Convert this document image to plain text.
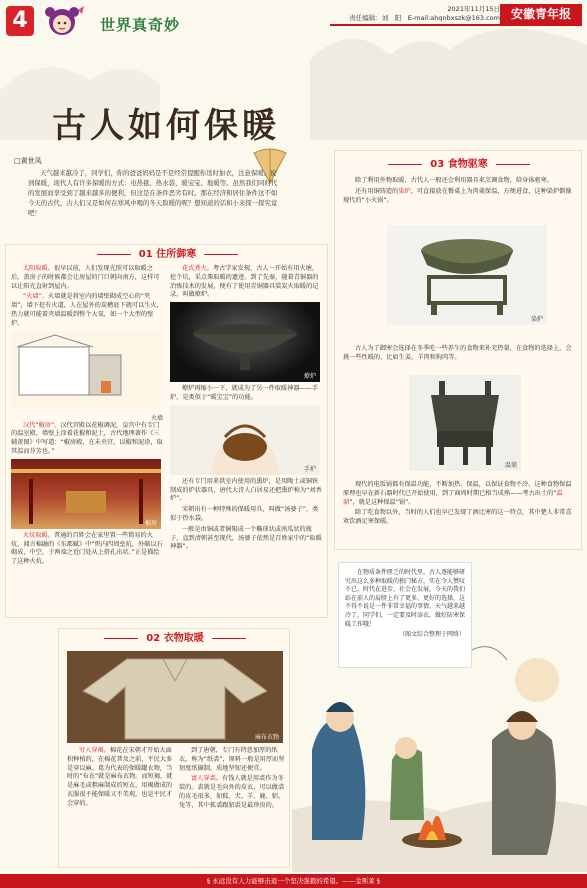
4	世界真奇妙
2021年11月15日
责任编辑：刘　阳　E-mail:ahqnbxszk@163.com 安徽青年报
古人如何保暖
□黄世凤
天气越来越冷了，同学们，你的爸爸妈妈是不是经常提醒你迭时加衣，注意保暖。说到保暖，现代人有许多保暖的方式：电热毯、热水袋、暖宝宝、地暖等。虽然我们同时代的发展而享受到了越来越多的便利，但这是在条件恶劣有时。那在经济和居住条件这不如今天的古代，古人们又是如何在寒风中喝的冬天取暖的呢？想知道的话和小来探一探究竟吧！
01 住所御寒

太阳取暖。很早以前，人们发现光照可以取暖之后，盖房子的时候都会让房屋的门口朝向南方，这样可以让阳光直射到屋内。

“火墙”。火墙就是将室内的墙壁砌成空心的“夹墙”，墙下挖有火道，人在屋外的炭槽底下就可以生火，热力就可能着夹墙温暖到整个大氧，如一个大型的壁炉。

火墙

汉代“椒房”。汉代宫殿以花椒调泥，皇宫中有专门的温室殿。墙壁上涂着花椒和泥土，古代地理著作《三辅黄图》中写道：“椒房殿，在未央宫，以椒和泥涂，取其温而芬芳也。”

椒房

火炕取暖。普通的百姓会在家里置一些简易的火炕，闻言棉融的《东都赋》中“炽内四周垒炕，外砌以石砌成，中空，于两端之近门处从上搭孔出状。”正是描绘了这种火炕。

花式煮火。考古学家发现，古人一开始有用火塘，挖个坑，采点柴取暖的遗迹。到了先秦，随着青铜器的冶炼技术的发展，便有了使用青铜器具装炭火取暖的记录，叫做燎炉。

燎炉

燎炉再缩小一下，就成为了另一件取暖神器——手炉，是类似于“暖宝宝”的功能。

手炉

还有专门用来供室内使用的熏炉，是用陶土或铜铁制成的炉状器具，唐代大诗人白居易还把熏炉称为“刘香炉”。

宋朝出有一种特殊的保暖用具，叫做“汤婆子”，类似于热水袋。

一般是由铜或者铜锡成一个椭球状或南瓜状的瓶子，直到清朝甚至现代，汤婆子依然是百姓家中的“取暖神器”。

02 衣物取暖
麻布衣物

穷人穿褐。棉花在宋朝才开始大面积种植的，在棉花普及之前，平民大多是穿以麻、葛为代表的保暖罐衣物，当时的“布衣”就是麻布衣物。而短褐，就是麻毛或粗麻制成的短衣，用褐做成的衣服很不能保暖又不美观，也是平民才会穿的。

到了唐朝，专门有特意加厚的纸衣，称为“纸裘”，原料一般是用厚而坚韧度纸辗制，质地坚韧还便宜。

富人穿裘。有钱人就是用裘作为冬装的。裘就是毛向外的皮衣，可以做裘的皮毛很多，如狐、犬、羊、鹿、貂、兔等，其中狐裘跟貂裘是最珍贵的。

03 食物驱寒

除了利用外物取暖，古代人一般还会利用器具来烹调食物，给身体驱寒。

还有用铜铸造的染炉，可直接放在餐桌上为肉羹保温，方便进食，这种染炉倒像现代的“小火锅”。

染炉

古人为了御寒会选择在冬季吃一些养生的食物来补充热量，在食物的选择上，会挑一些性暖的，比如生姜、羊肉和狗肉等。

温鼎

现代的电饭锅都有保温功能，不断加热、保温，以保证食物不冷。这种食物保温原理也早在新石器时代已开始使用，到了商周时期已相当成熟——考古出土的“温鼎”，就是这种保温“锅”。

除了吃食物以外，当时的人们也早已发现了酒比寒的这一特点，其中楚人非常喜欢饮酒足寒保暖。

在物质条件匮乏的时代里，古人逐能够研究出这么多种取暖的独门秘方，实在令人赞叹不已。时代在进步，社会在发展，今天的我们站在前人的肩膀上有了更多、更好的选择，这不得不说是一件非常幸福的事情，天气越来越冷了，同学们，一定要及时添衣，做好防寒保暖工作哦！
（图文综合整理于网络）
§ 永远没有人力能够击退一个坚决强毅的希望。——金斯莱 §
